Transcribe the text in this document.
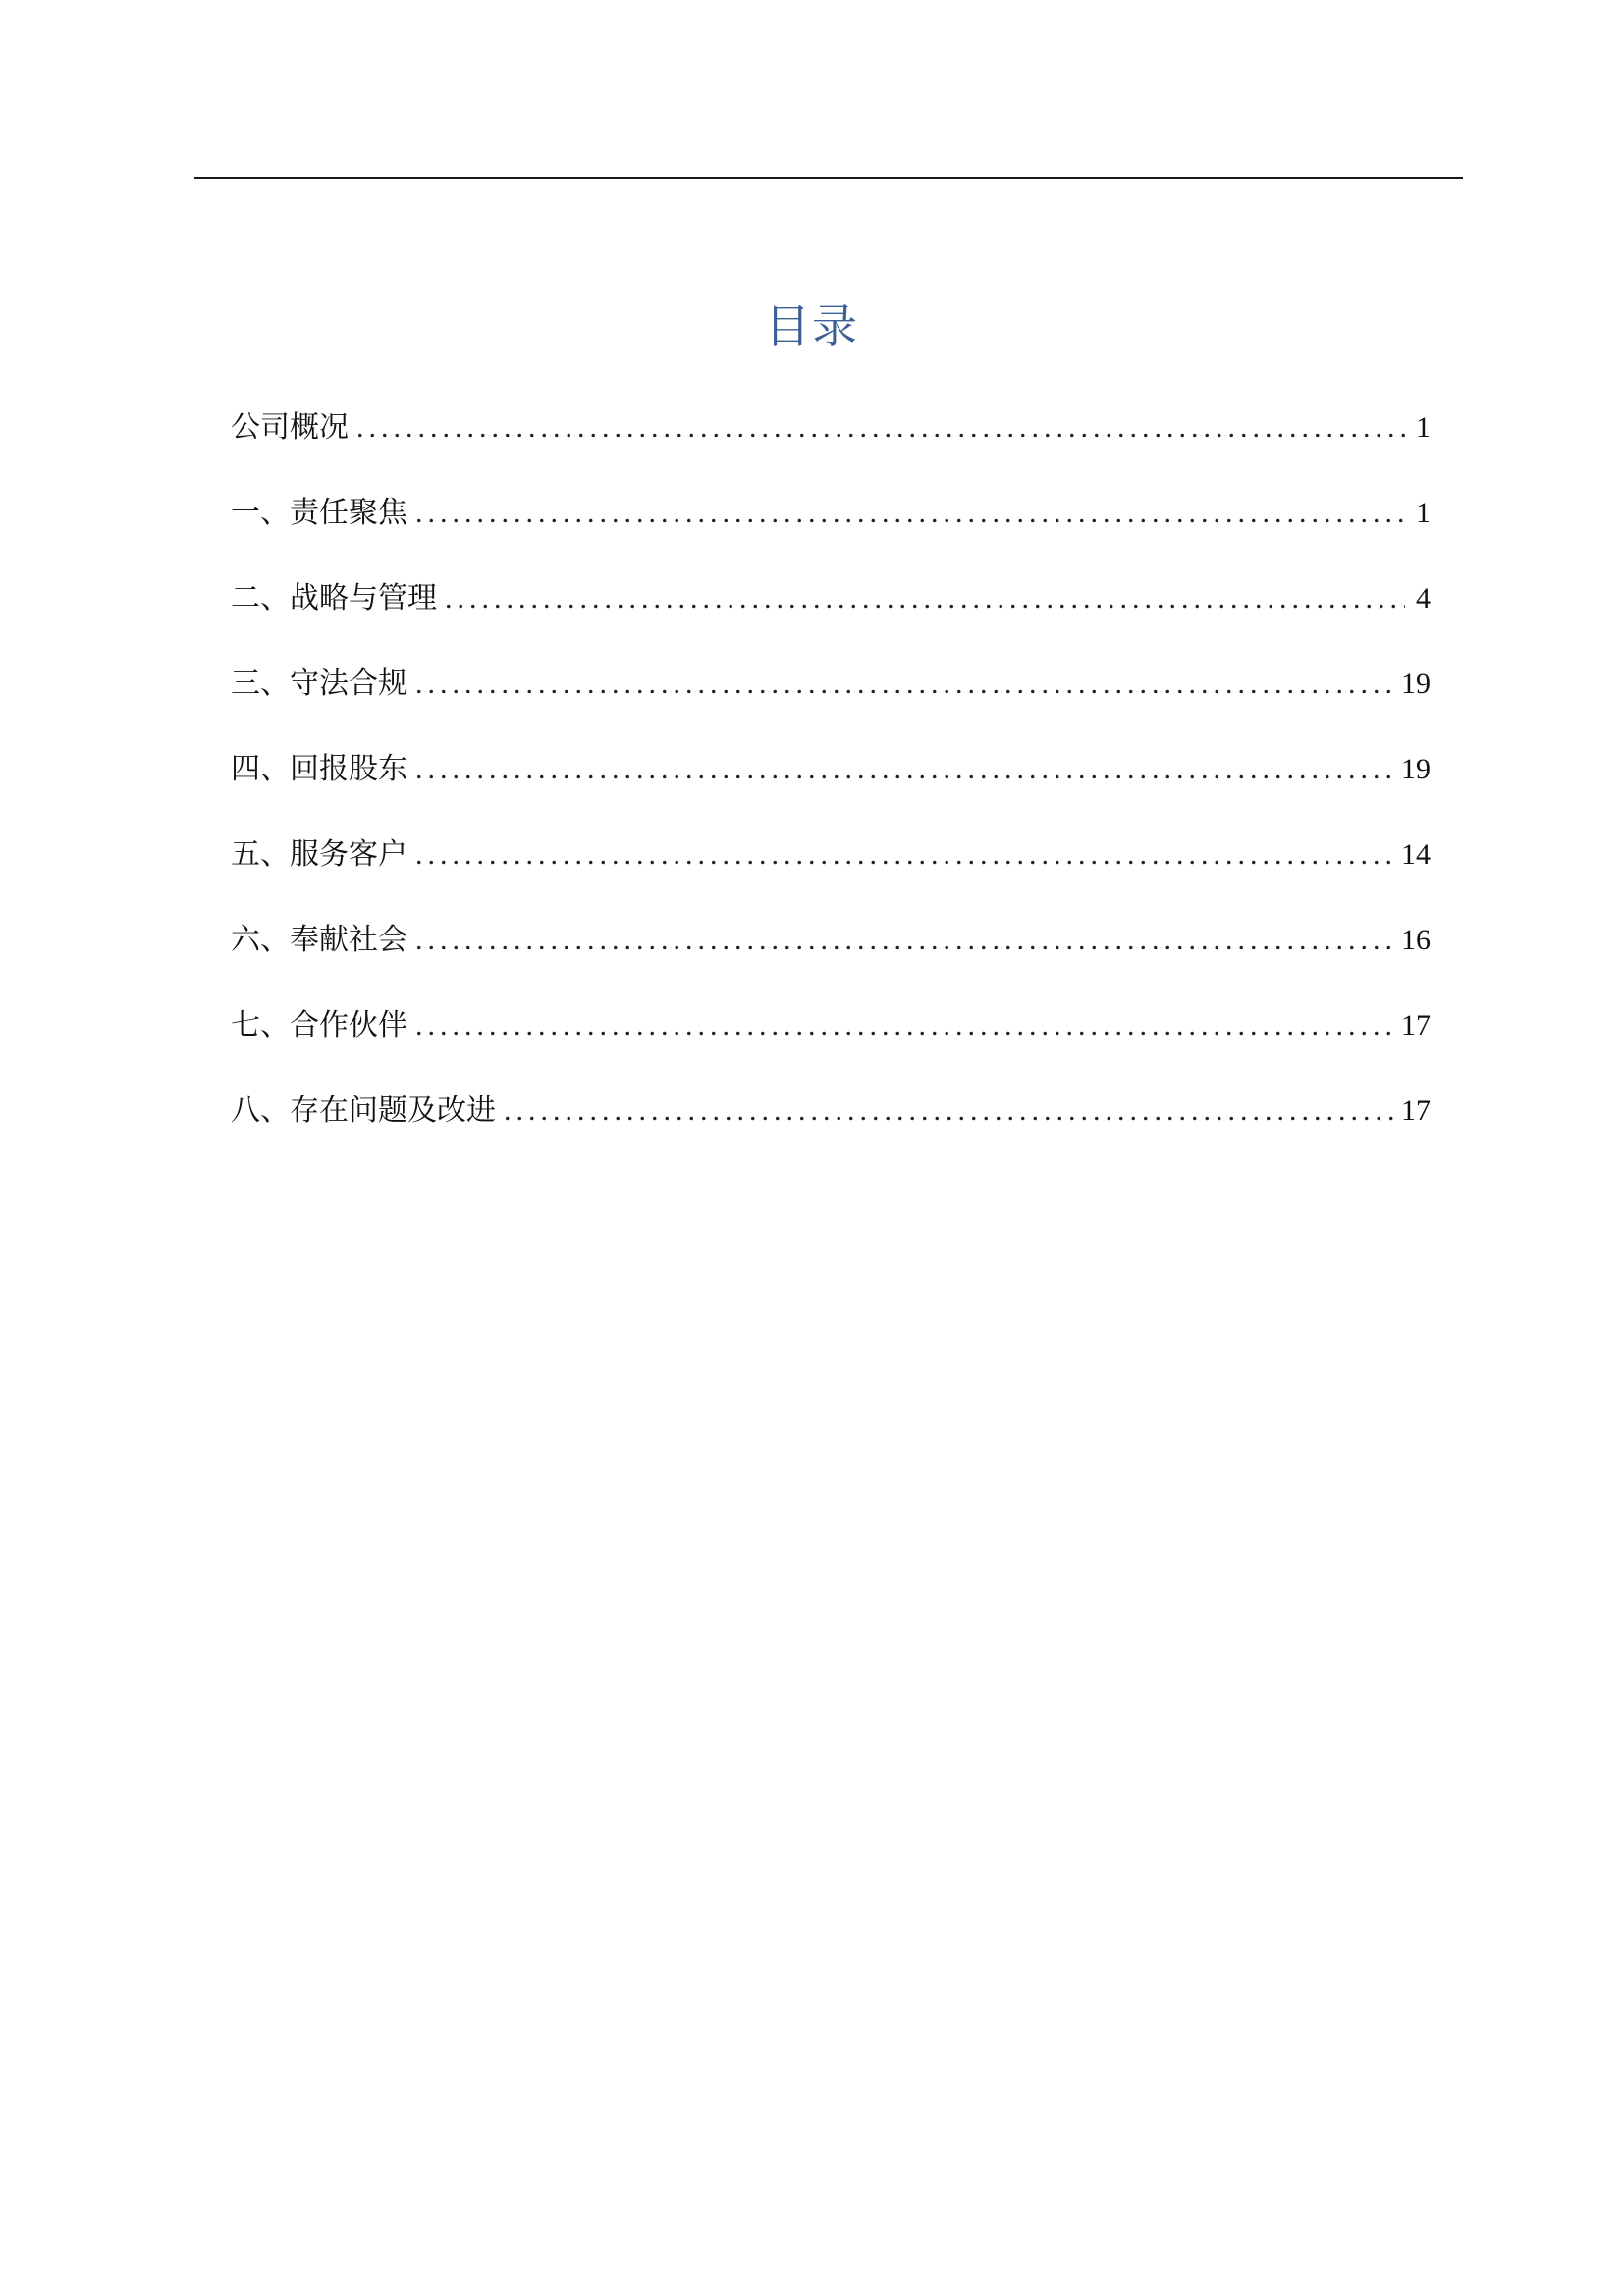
目录
公司概况 .....	1
一、责任聚焦 .....	1
二、战略与管理 .....	4
三、守法合规 .....	19
四、回报股东 .....	19
五、服务客户 .....	14
六、奉献社会 .....	16
七、合作伙伴 .....	17
八、存在问题及改进 .....	17
